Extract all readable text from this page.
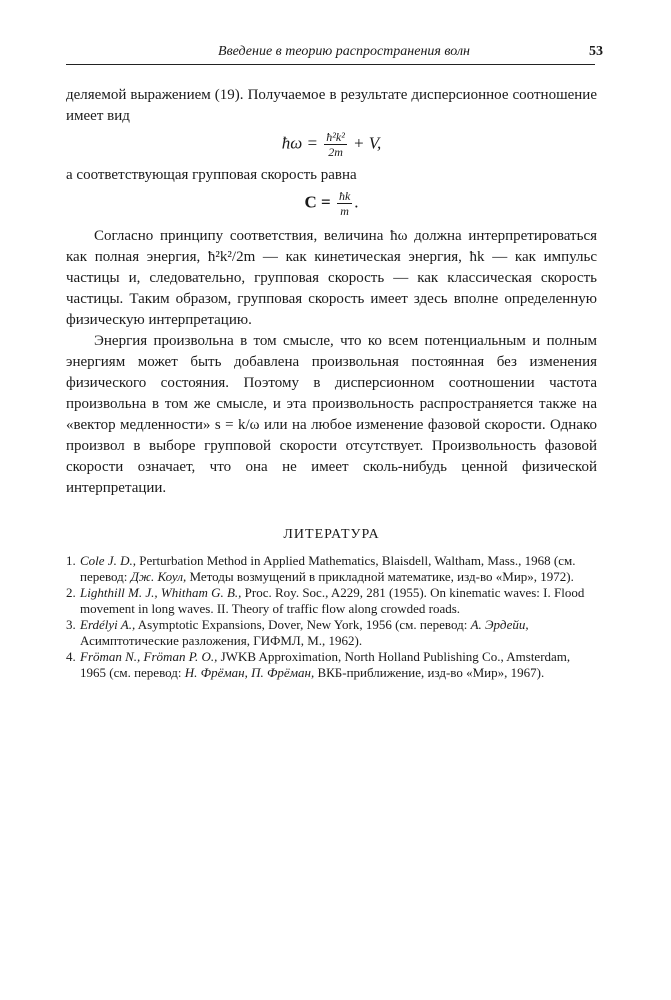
Введение в теорию распространения волн	53

деляемой выражением (19). Получаемое в результате дисперсионное соотношение имеет вид

ħω = $\frac{\text{ħ²k²}}{2m} + V$,

а соответствующая групповая скорость равна

$C = \frac{ħk}{m}$ .

Согласно принципу соответствия, величина ħω должна интерпретироваться как полная энергия, ħ²k²/2m — как кинетическая энергия, ħk — как импульс частицы и, следовательно, групповая скорость — как классическая скорость частицы. Таким образом, групповая скорость имеет здесь вполне определенную физическую интерпретацию.

Энергия произвольна в том смысле, что ко всем потенциальным и полным энергиям может быть добавлена произвольная постоянная без изменения физического состояния. Поэтому в дисперсионном соотношении частота произвольна в том же смысле, и эта произвольность распространяется также на «вектор медленности» s = k/ω или на любое изменение фазовой скорости. Однако произвол в выборе групповой скорости отсутствует. Произвольность фазовой скорости означает, что она не имеет сколь-нибудь ценной физической интерпретации.

ЛИТЕРАТУРА
1. Cole J. D., Perturbation Method in Applied Mathematics, Blaisdell, Waltham, Mass., 1968 (см. перевод: Дж. Коул, Методы возмущений в прикладной математике, изд-во «Мир», 1972).
2. Lighthill M. J., Whitham G. B., Proc. Roy. Soc., A229, 281 (1955). On kinematic waves: I. Flood movement in long waves. II. Theory of traffic flow along crowded roads.
3. Erdélyi A., Asymptotic Expansions, Dover, New York, 1956 (см. перевод: А. Эрдейи, Асимптотические разложения, ГИФМЛ, М., 1962).
4. Fröman N., Fröman P. O., JWKB Approximation, North Holland Publishing Co., Amsterdam, 1965 (см. перевод: Н. Фрёман, П. Фрёман, ВКБ-приближение, изд-во «Мир», 1967).
